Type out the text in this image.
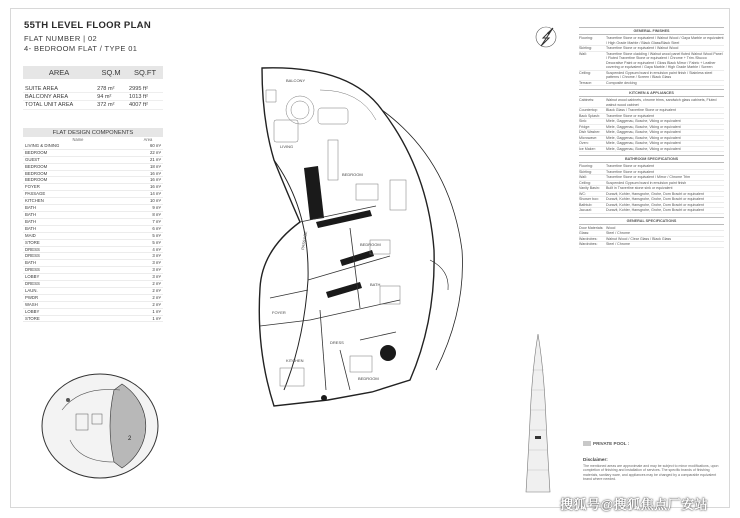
55TH LEVEL FLOOR PLAN
FLAT NUMBER | 02
4- BEDROOM FLAT / TYPE 01
AREA	SQ.M	SQ.FT

SUITE AREA	278 m²	2995 ft²
BALCONY AREA	94 m²	1013 ft²
TOTAL UNIT AREA	372 m²	4007 ft²
FLAT DESIGN COMPONENTS
Name	Area
LIVING & DINING	60 m²
BEDROOM	22 m²
GUEST	21 m²
BEDROOM	18 m²
BEDROOM	16 m²
BEDROOM	16 m²
FOYER	16 m²
PASSAGE	14 m²
KITCHEN	10 m²
BATH	9 m²
BATH	8 m²
BATH	7 m²
BATH	6 m²
MAID	5 m²
STORE	5 m²
DRESS	4 m²
DRESS	3 m²
BATH	3 m²
DRESS	3 m²
LOBBY	3 m²
DRESS	2 m²
LAUN.	2 m²
PWDR	2 m²
WASH	2 m²
LOBBY	1 m²
STORE	1 m²
BALCONY
LIVING
BEDROOM
BEDROOM
BATH
FOYER
DRESS
KITCHEN
BEDROOM
PASSAGE
2
GENERAL FINISHES
Flooring:	Travertine Stone or equivalent / Walnut Wood / Gaya Marble or equivalent / High Grade Marble / Black Glass/Black Steel
Skirting:	Travertine Stone or equivalent / Walnut Wood
Wall:	Travertine Stone cladding / Walnut wood panel fluted Walnut Wood Panel / Fluted Travertine Stone or equivalent / Chrome + Trim /Stucco Decorative Paint or equivalent / Gloss Black Mirror / Fabric + Leather covering or equivalent / Gaya Marble / High Grade Marble / Screen
Ceiling:	Suspended Gypsum board in emulsion paint finish / Stainless steel patterns / Chrome / Screen / Black Glass
Terrace:	Composite decking
KITCHEN & APPLIANCES
Cabinets:	Walnut wood cabinets, chrome trims, sandwich glass cabinets, Fluted walnut wood cabinet
Countertop:	Black Glass / Travertine Stone or equivalent
Back Splash:	Travertine Stone or equivalent
Sink:	Miele, Gaggenau, Bosche, Viking or equivalent
Fridge:	Miele, Gaggenau, Bosche, Viking or equivalent
Dish Washer:	Miele, Gaggenau, Bosche, Viking or equivalent
Microwave:	Miele, Gaggenau, Bosche, Viking or equivalent
Oven:	Miele, Gaggenau, Bosche, Viking or equivalent
Ice Maker:	Miele, Gaggenau, Bosche, Viking or equivalent
BATHROOM SPECIFICATIONS
Flooring:	Travertine Stone or equivalent
Skirting:	Travertine Stone or equivalent
Wall:	Travertine Stone or equivalent / Mirror / Chrome Trim
Ceiling:	Suspended Gypsum board in emulsion paint finish
Vanity Basin:	Built in Travertine stone sink or equivalent
WC:	Duravit, Kohler, Hansgrohe, Grohe, Dorn Bracht or equivalent
Shower box:	Duravit, Kohler, Hansgrohe, Grohe, Dorn Bracht or equivalent
Bathtub:	Duravit, Kohler, Hansgrohe, Grohe, Dorn Bracht or equivalent
Jacuzzi:	Duravit, Kohler, Hansgrohe, Grohe, Dorn Bracht or equivalent
GENERAL SPECIFICATIONS
Door Materials: Wood
Glass:	Steel / Chrome
Wardrobes:	Walnut Wood / Clear Glass / Black Glass
Wardrobes:	Steel / Chrome
PRIVATE POOL :
Disclaimer:
The mentioned areas are approximate and may be subject to minor modifications, upon completion of finishing and installation of services. The specific brands of finishing materials, sanitary ware, and appliances may be changed by a comparable equivalent brand where needed.
搜狐号@搜狐焦点厂安站
